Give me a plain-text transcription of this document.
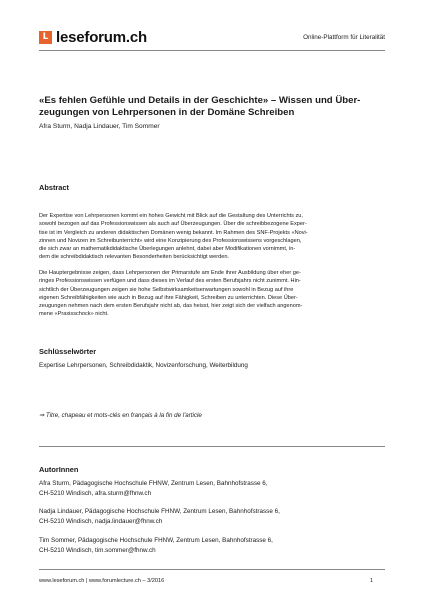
L leseforum.ch	Online-Plattform für Literalität
«Es fehlen Gefühle und Details in der Geschichte» – Wissen und Über-
zeugungen von Lehrpersonen in der Domäne Schreiben
Afra Sturm, Nadja Lindauer, Tim Sommer
Abstract

Der Expertise von Lehrpersonen kommt ein hohes Gewicht mit Blick auf die Gestaltung des Unterrichts zu,
sowohl bezogen auf das Professionswissen als auch auf Überzeugungen. Über die schreibbezogene Exper-
tise ist im Vergleich zu anderen didaktischen Domänen wenig bekannt. Im Rahmen des SNF-Projekts «Novi-
zinnen und Novizen im Schreibunterricht» wird eine Konzipierung des Professionswissens vorgeschlagen,
die sich zwar an mathematikdidaktische Überlegungen anlehnt, dabei aber Modifikationen vornimmt, in-
dem die schreibdidaktisch relevanten Besonderheiten berücksichtigt werden.

Die Hauptergebnisse zeigen, dass Lehrpersonen der Primarstufe am Ende ihrer Ausbildung über eher ge-
ringes Professionswissen verfügen und dass dieses im Verlauf des ersten Berufsjahrs nicht zunimmt. Hin-
sichtlich der Überzeugungen zeigen sie hohe Selbstwirksamkeitserwartungen sowohl in Bezug auf ihre
eigenen Schreibfähigkeiten wie auch in Bezug auf ihre Fähigkeit, Schreiben zu unterrichten. Diese Über-
zeugungen nehmen nach dem ersten Berufsjahr nicht ab, das heisst, hier zeigt sich der vielfach angenom-
mene «Praxisschock» nicht.

Schlüsselwörter
Expertise Lehrpersonen, Schreibdidaktik, Novizenforschung, Weiterbildung
⇒ Titre, chapeau et mots-clés en français à la fin de l'article
AutorInnen

Afra Sturm, Pädagogische Hochschule FHNW, Zentrum Lesen, Bahnhofstrasse 6,
CH-5210 Windisch, afra.sturm@fhnw.ch

Nadja Lindauer, Pädagogische Hochschule FHNW, Zentrum Lesen, Bahnhofstrasse 6,
CH-5210 Windisch, nadja.lindauer@fhnw.ch

Tim Sommer, Pädagogische Hochschule FHNW, Zentrum Lesen, Bahnhofstrasse 6,
CH-5210 Windisch, tim.sommer@fhnw.ch

www.leseforum.ch | www.forumlecture.ch – 3/2016	1
